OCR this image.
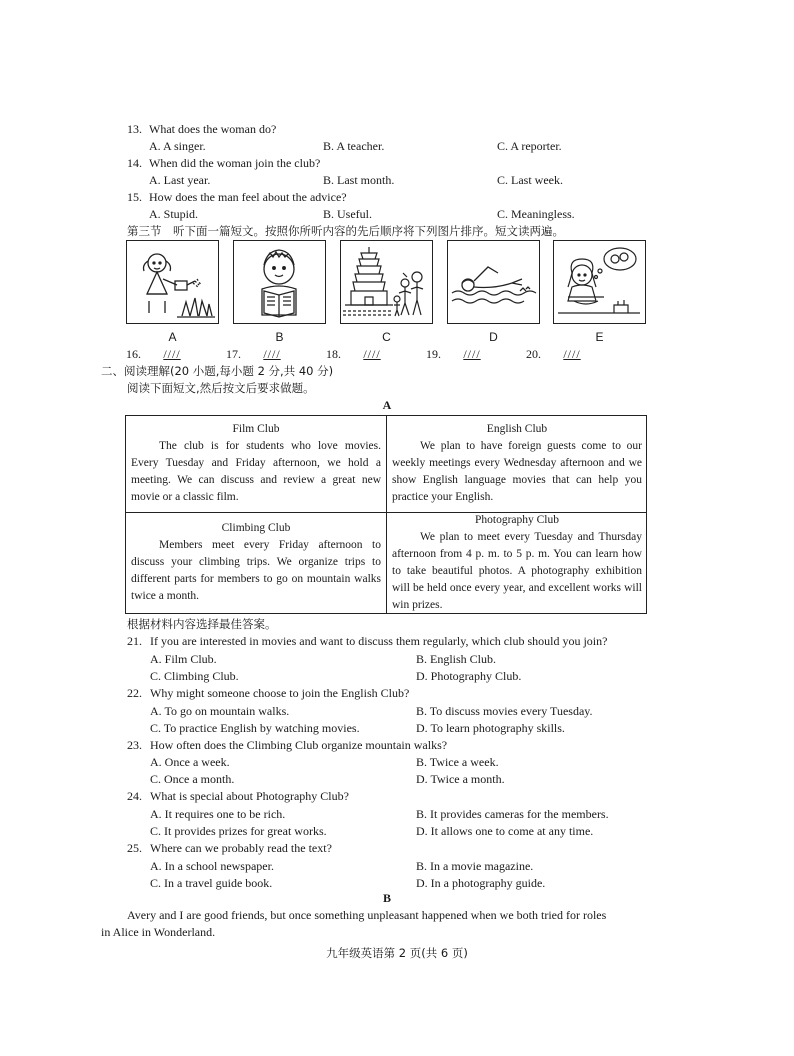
13. What does the woman do?
A. A singer.	B. A teacher.	C. A reporter.
14. When did the woman join the club?
A. Last year.	B. Last month.	C. Last week.
15. How does the man feel about the advice?
A. Stupid.	B. Useful.	C. Meaningless.
第三节　听下面一篇短文。按照你所听内容的先后顺序将下列图片排序。短文读两遍。
A	B	C	D	E
16.	////	17.	////	18.	////	19.	////	20.	////
二、阅读理解(20 小题,每小题 2 分,共 40 分)
阅读下面短文,然后按文后要求做题。
A
Film Club
The club is for students who love movies. Every Tuesday and Friday afternoon, we hold a meeting. We can discuss and review a great new movie or a classic film.
English Club
We plan to have foreign guests come to our weekly meetings every Wednesday afternoon and we show English language movies that can help you practice your English.
Climbing Club
Members meet every Friday afternoon to discuss your climbing trips. We organize trips to different parts for members to go on mountain walks twice a month.
Photography Club
We plan to meet every Tuesday and Thursday afternoon from 4 p. m. to 5 p. m. You can learn how to take beautiful photos. A photography exhibition will be held once every year, and excellent works will win prizes.
根据材料内容选择最佳答案。
21. If you are interested in movies and want to discuss them regularly, which club should you join?
A. Film Club.	B. English Club.
C. Climbing Club.	D. Photography Club.
22. Why might someone choose to join the English Club?
A. To go on mountain walks.	B. To discuss movies every Tuesday.
C. To practice English by watching movies.	D. To learn photography skills.
23. How often does the Climbing Club organize mountain walks?
A. Once a week.	B. Twice a week.
C. Once a month.	D. Twice a month.
24. What is special about Photography Club?
A. It requires one to be rich.	B. It provides cameras for the members.
C. It provides prizes for great works.	D. It allows one to come at any time.
25. Where can we probably read the text?
A. In a school newspaper.	B. In a movie magazine.
C. In a travel guide book.	D. In a photography guide.
B
Avery and I are good friends, but once something unpleasant happened when we both tried for roles
in Alice in Wonderland.
九年级英语第 2 页(共 6 页)
